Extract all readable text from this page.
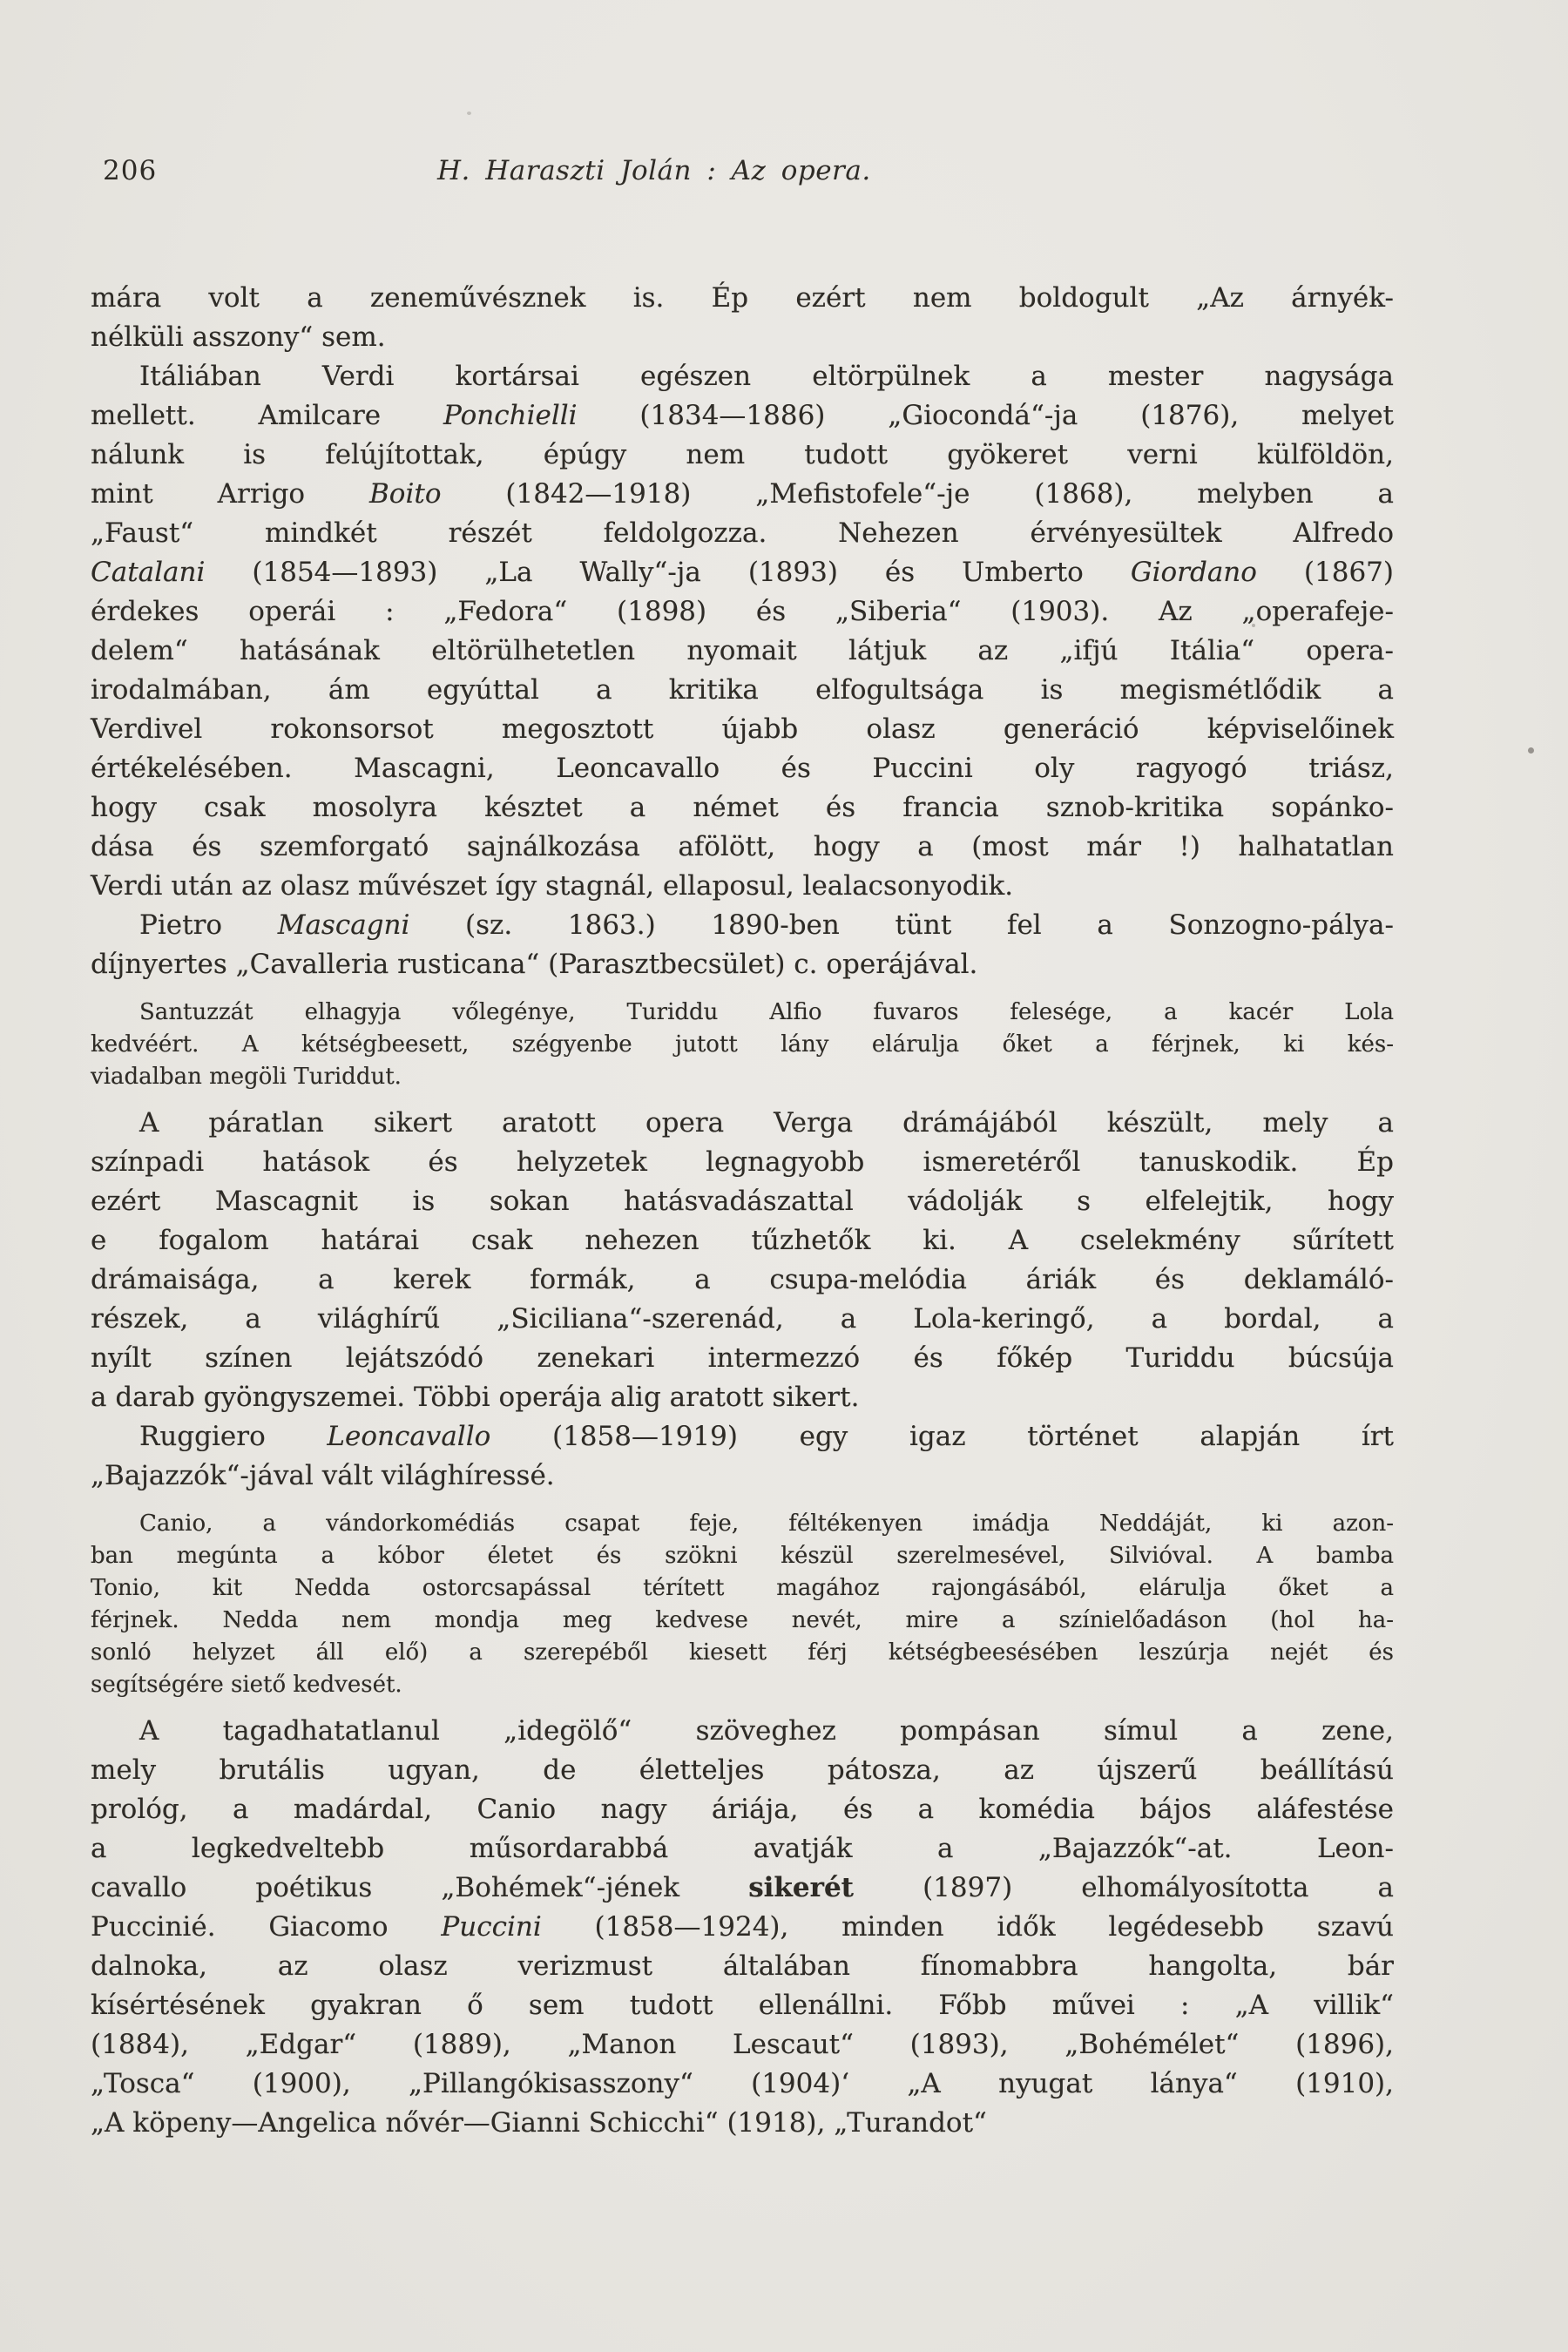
206	H. Haraszti Jolán : Az opera.
mára volt a zeneművésznek is. Ép ezért nem boldogult „Az árnyék-
nélküli asszony“ sem.
Itáliában Verdi kortársai egészen eltörpülnek a mester nagysága
mellett. Amilcare Ponchielli (1834—1886) „Giocondá“-ja (1876), melyet
nálunk is felújítottak, épúgy nem tudott gyökeret verni külföldön,
mint Arrigo Boito (1842—1918) „Mefistofele“-je (1868), melyben a
„Faust“ mindkét részét feldolgozza. Nehezen érvényesültek Alfredo
Catalani (1854—1893) „La Wally“-ja (1893) és Umberto Giordano (1867)
érdekes operái : „Fedora“ (1898) és „Siberia“ (1903). Az „operafeje-
delem“ hatásának eltörülhetetlen nyomait látjuk az „ifjú Itália“ opera-
irodalmában, ám egyúttal a kritika elfogultsága is megismétlődik a
Verdivel rokonsorsot megosztott újabb olasz generáció képviselőinek
értékelésében. Mascagni, Leoncavallo és Puccini oly ragyogó triász,
hogy csak mosolyra késztet a német és francia sznob-kritika sopánko-
dása és szemforgató sajnálkozása afölött, hogy a (most már !) halhatatlan
Verdi után az olasz művészet így stagnál, ellaposul, lealacsonyodik.
Pietro Mascagni (sz. 1863.) 1890-ben tünt fel a Sonzogno-pálya-
díjnyertes „Cavalleria rusticana“ (Parasztbecsület) c. operájával.
Santuzzát elhagyja vőlegénye, Turiddu Alfio fuvaros felesége, a kacér Lola
kedvéért. A kétségbeesett, szégyenbe jutott lány elárulja őket a férjnek, ki kés-
viadalban megöli Turiddut.
A páratlan sikert aratott opera Verga drámájából készült, mely a
színpadi hatások és helyzetek legnagyobb ismeretéről tanuskodik. Ép
ezért Mascagnit is sokan hatásvadászattal vádolják s elfelejtik, hogy
e fogalom határai csak nehezen tűzhetők ki. A cselekmény sűrített
drámaisága, a kerek formák, a csupa-melódia áriák és deklamáló-
részek, a világhírű „Siciliana“-szerenád, a Lola-keringő, a bordal, a
nyílt színen lejátszódó zenekari intermezzó és főkép Turiddu búcsúja
a darab gyöngyszemei. Többi operája alig aratott sikert.
Ruggiero Leoncavallo (1858—1919) egy igaz történet alapján írt
„Bajazzók“-jával vált világhíressé.
Canio, a vándorkomédiás csapat feje, féltékenyen imádja Neddáját, ki azon-
ban megúnta a kóbor életet és szökni készül szerelmesével, Silvióval. A bamba
Tonio, kit Nedda ostorcsapással térített magához rajongásából, elárulja őket a
férjnek. Nedda nem mondja meg kedvese nevét, mire a színielőadáson (hol ha-
sonló helyzet áll elő) a szerepéből kiesett férj kétségbeesésében leszúrja nejét és
segítségére siető kedvesét.
A tagadhatatlanul „idegölő“ szöveghez pompásan símul a zene,
mely brutális ugyan, de életteljes pátosza, az újszerű beállítású
prológ, a madárdal, Canio nagy áriája, és a komédia bájos aláfestése
a legkedveltebb műsordarabbá avatják a „Bajazzók“-at. Leon-
cavallo poétikus „Bohémek“-jének sikerét (1897) elhomályosította a
Puccinié. Giacomo Puccini (1858—1924), minden idők legédesebb szavú
dalnoka, az olasz verizmust általában fínomabbra hangolta, bár
kísértésének gyakran ő sem tudott ellenállni. Főbb művei : „A villik“
(1884), „Edgar“ (1889), „Manon Lescaut“ (1893), „Bohémélet“ (1896),
„Tosca“ (1900), „Pillangókisasszony“ (1904)‘ „A nyugat lánya“ (1910),
„A köpeny—Angelica nővér—Gianni Schicchi“ (1918), „Turandot“
